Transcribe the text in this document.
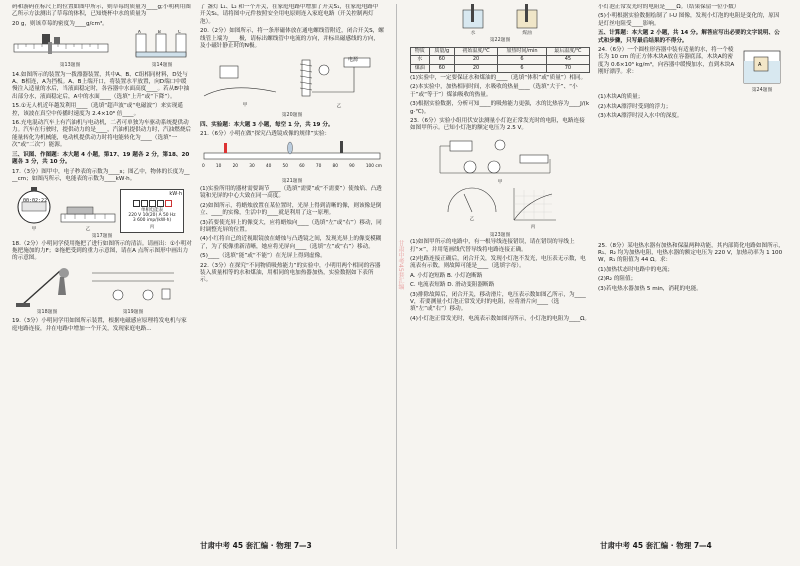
码和游码在标尺上的位置如图甲所示，则草莓的质量为____g;小明利用图乙所示方法测出了草莓的体积，已知烧杯中水的质量为
20 g，则该草莓的密度为____g/cm³。
第13题图
A	B	C
第14题图
14.如图所示的装置为一拨漂器装置，其中A、B、C组相同材料，D处与A、B相连，A为挡板。A、B上端开口，将装置水平放置，向D端口中缓慢注入适量的水后，当液面稳定时，各容器中水面高度____。若从B中抽出部分水，液面稳定后，A中的水面____（选填“上升”或“下降”）。
15.①无人机近年越发利用____（选填“超声波”或“电磁波”）来实现遥控，该波在真空中传播时速度为 2.4×10⁸ 倍____。
16.充电混动汽车上有汽油机与电动机，二者可单独为车驱动系统提供动力。汽车在行驶时，提供动力的是____，汽油机提供动力时，汽油燃烧后能量转化为机械能，电动机提供动力时将电能转化为____（选填“一次”或“二次”）能源。
三、识图、作图题：本大题 4 小题，第17、19 题各 2 分，第18、20 题各 3 分，共 10 分。
17.（3分）图甲中，电子秒表的示数为____s；图乙中，物体的长度为____cm；如图丙所示，电能表的示数为____kW·h。
00:02:22
甲	乙
kW·h
单相电能表
220 V 10(20) A 50 Hz
3 600 imp/(kW·h)
丙
第17题图
18.（2分）小明同学使用拖把了进行如图所示的清洁。请画出：①小明对拖把施加的力F；②拖把受到的重力示意图，请在A 点所示图形中画出力的示意图。
第18题图	第19题图
19.（3分）小明同学用如图所示装置，根据电磁感应原理将发电机与家庭电路连接，并在电路中增加一个开关，发现家庭电路...
了 盏灯 L₁、L₂ 和一个开关，在家庭电路中增加了开关S₁，在家庭电路中开关S₁，请将图中元件按照安全用电原则连入家庭电路（开关控制两灯泡）。
20.（2分）如图所示，将一条形磁体放在通电螺线管附近，闭合开关S，螺线管上端为____极，请标出螺线管中电流的方向，并标出磁感线的方向，及小磁针静止时的N极。
甲
电源
乙
第20题图
四、实验题：本大题 3 小题，每空 1 分，共 19 分。
21.（6分）小明在做“探究凸透镜成像的规律”实验：
0	10	20	30	40	50	60	70	80	90	100 cm
第21题图
(1)实验所用的器材需要调节____（选填“需要”或“不需要”）使烛焰、凸透镜和光屏的中心大致在同一高度。
(2)如图所示，将蜡烛放置在某位置时，光屏上得到清晰的像，则该像是倒立、____的实像，生活中的____就是利用了这一原理。
(3)若要使光屏上的像变大，应将蜡烛向____（选填“左”或“右”）移动，同时调整光屏的位置。
(4)小红将自己的近视眼镜放在蜡烛与凸透镜之间，发现光屏上的像变模糊了，为了使像重新清晰，她应将光屏向____（选填“左”或“右”）移动。
(5)____（选填“能”或“不能”）在光屏上得到虚像。
22.（3分）在探究“不同物质吸热能力”的实验中，小明用两个相同的容器装入质量相等的水和煤油，用相同的电加热器加热，实验数据如下表所示。	甘肃中考45套汇编
水	煤油
第22题图
物质	质量/g	初始温度/℃	加热时间/min	最后温度/℃
水	60	20	6	45
煤油	60	20	6	70
(1)实验中，一定要保证水和煤油的____（选填“体积”或“质量”）相同。
(2)本实验中，加热相同时间，水吸收的热量____（选填“大于”、“小于”或“等于”）煤油吸收的热量。
(3)根据实验数据，分析可知____的吸热能力更强，水的比热容为____J/(kg·℃)。
23.（6分）实验小组用伏安法测量小灯泡正常发光时的电阻，电路连接如图甲所示。已知小灯泡的额定电压为 2.5 V。
甲
乙
丙
第23题图
(1)如图甲所示的电路中，有一根导线连接错误，请在错误的导线上打“×”，并用笔画线代替导线将电路连接正确。
(2)电路连接正确后，闭合开关，发现小灯泡不发光，电压表无示数，电流表有示数，则故障可能是____（选填字母）。
A. 小灯泡短路 B. 小灯泡断路
C. 电流表短路 D. 滑动变阻器断路
(3)排除故障后，闭合开关，移动滑片，电压表示数如图乙所示，为____V，若要测量小灯泡正常发光时的电阻，应将滑片向____（选填“左”或“右”）移动。
(4)小灯泡正常发光时，电流表示数如图丙所示，小灯泡的电阻为____Ω。
小灯泡正常发光时的电阻是____Ω。（结果保留一位小数）
(5)小明根据实验数据绘制了 I-U 图像，发现小灯泡的电阻是变化的，原因是灯丝电阻受____影响。
五、计算题：本大题 2 小题，共 14 分。解答应写出必要的文字说明、公式和步骤，只写最后结果的不得分。
24.（6分）一个圆柱形容器中装有适量的水，将一个棱长为 10 cm 的正方体木块A放在容器底部，木块A的密度为 0.6×10³ kg/m³，向容器中缓慢加水，直到木块A刚好漂浮。求：
A
第24题图
(1)木块A的质量；
(2)木块A漂浮时受到的浮力；
(3)木块A漂浮时浸入水中的深度。
25.（8分）某电热水器有加热和保温两种功能，其内部简化电路如图所示，R₁、R₂ 均为加热电阻，电热水器的额定电压为 220 V，加热功率为 1 100 W，R₁ 的阻值为 44 Ω。求：
(1)加热状态时电路中的电流；
(2)R₂ 的阻值；
(3)若电热水器加热 5 min，消耗的电能。
甘肃中考 45 套汇编 · 物理 7—3	甘肃中考 45 套汇编 · 物理 7—4
